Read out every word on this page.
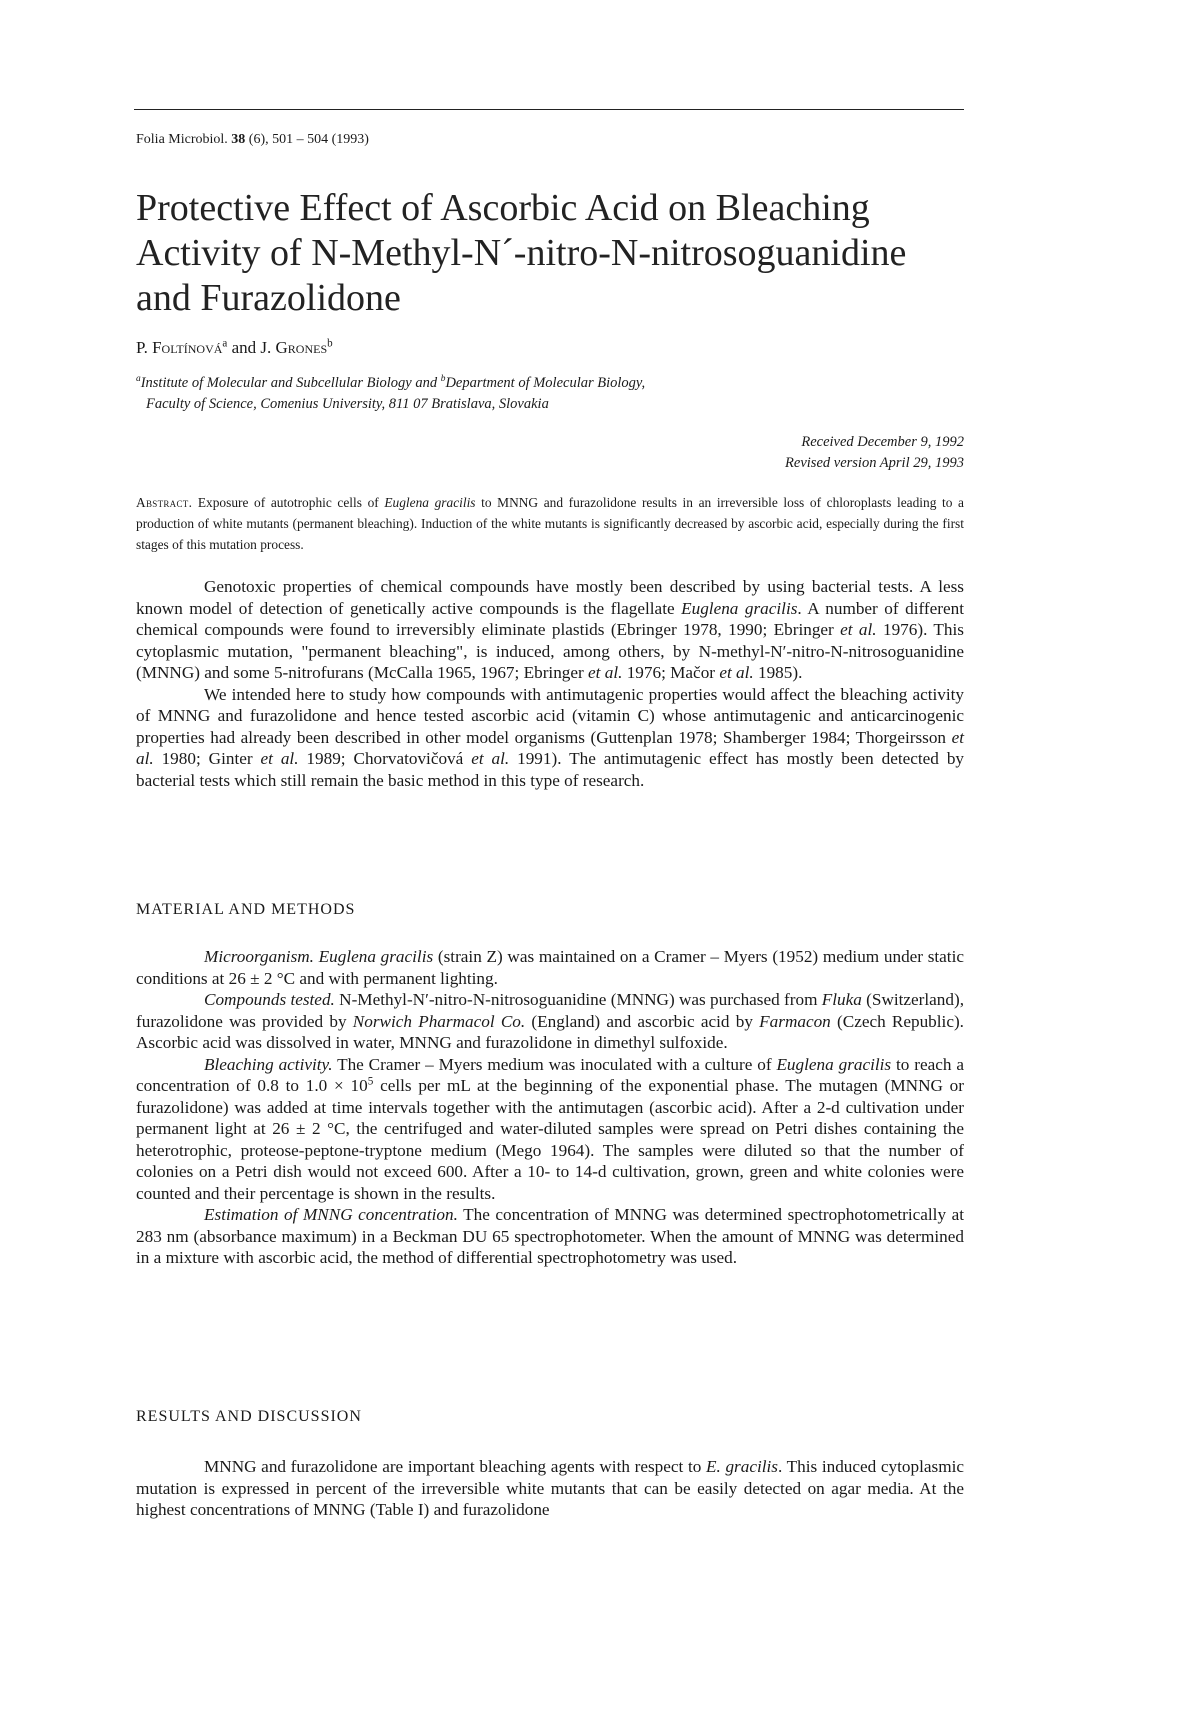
Folia Microbiol. 38 (6), 501 – 504 (1993)
Protective Effect of Ascorbic Acid on Bleaching
Activity of N-Methyl-N´-nitro-N-nitrosoguanidine
and Furazolidone
P. Foltínová$^a$ and J. Grones$^b$
$^a$Institute of Molecular and Subcellular Biology and $^b$Department of Molecular Biology,
Faculty of Science, Comenius University, 811 07 Bratislava, Slovakia
Received December 9, 1992
Revised version April 29, 1993
Abstract. Exposure of autotrophic cells of Euglena gracilis to MNNG and furazolidone results in an irreversible loss of chloroplasts leading to a production of white mutants (permanent bleaching). Induction of the white mutants is significantly decreased by ascorbic acid, especially during the first stages of this mutation process.

Genotoxic properties of chemical compounds have mostly been described by using bacterial tests. A less known model of detection of genetically active compounds is the flagellate Euglena gracilis. A number of different chemical compounds were found to irreversibly eliminate plastids (Ebringer 1978, 1990; Ebringer et al. 1976). This cytoplasmic mutation, "permanent bleaching", is induced, among others, by N-methyl-N′-nitro-N-nitrosoguanidine (MNNG) and some 5-nitrofurans (McCalla 1965, 1967; Ebringer et al. 1976; Mačor et al. 1985).

We intended here to study how compounds with antimutagenic properties would affect the bleaching activity of MNNG and furazolidone and hence tested ascorbic acid (vitamin C) whose antimutagenic and anticarcinogenic properties had already been described in other model organisms (Guttenplan 1978; Shamberger 1984; Thorgeirsson et al. 1980; Ginter et al. 1989; Chorvatovičová et al. 1991). The antimutagenic effect has mostly been detected by bacterial tests which still remain the basic method in this type of research.

MATERIAL AND METHODS

Microorganism. Euglena gracilis (strain Z) was maintained on a Cramer – Myers (1952) medium under static conditions at 26 ± 2 °C and with permanent lighting.

Compounds tested. N-Methyl-N′-nitro-N-nitrosoguanidine (MNNG) was purchased from Fluka (Switzerland), furazolidone was provided by Norwich Pharmacol Co. (England) and ascorbic acid by Farmacon (Czech Republic). Ascorbic acid was dissolved in water, MNNG and furazolidone in dimethyl sulfoxide.

Bleaching activity. The Cramer – Myers medium was inoculated with a culture of Euglena gracilis to reach a concentration of 0.8 to $1.0 \times 10^5$ cells per mL at the beginning of the exponential phase. The mutagen (MNNG or furazolidone) was added at time intervals together with the antimutagen (ascorbic acid). After a 2-d cultivation under permanent light at 26 ± 2 °C, the centrifuged and water-diluted samples were spread on Petri dishes containing the heterotrophic, proteose-peptone-tryptone medium (Mego 1964). The samples were diluted so that the number of colonies on a Petri dish would not exceed 600. After a 10- to 14-d cultivation, grown, green and white colonies were counted and their percentage is shown in the results.

Estimation of MNNG concentration. The concentration of MNNG was determined spectrophotometrically at 283 nm (absorbance maximum) in a Beckman DU 65 spectrophotometer. When the amount of MNNG was determined in a mixture with ascorbic acid, the method of differential spectrophotometry was used.

RESULTS AND DISCUSSION

MNNG and furazolidone are important bleaching agents with respect to E. gracilis. This induced cytoplasmic mutation is expressed in percent of the irreversible white mutants that can be easily detected on agar media. At the highest concentrations of MNNG (Table I) and furazolidone
